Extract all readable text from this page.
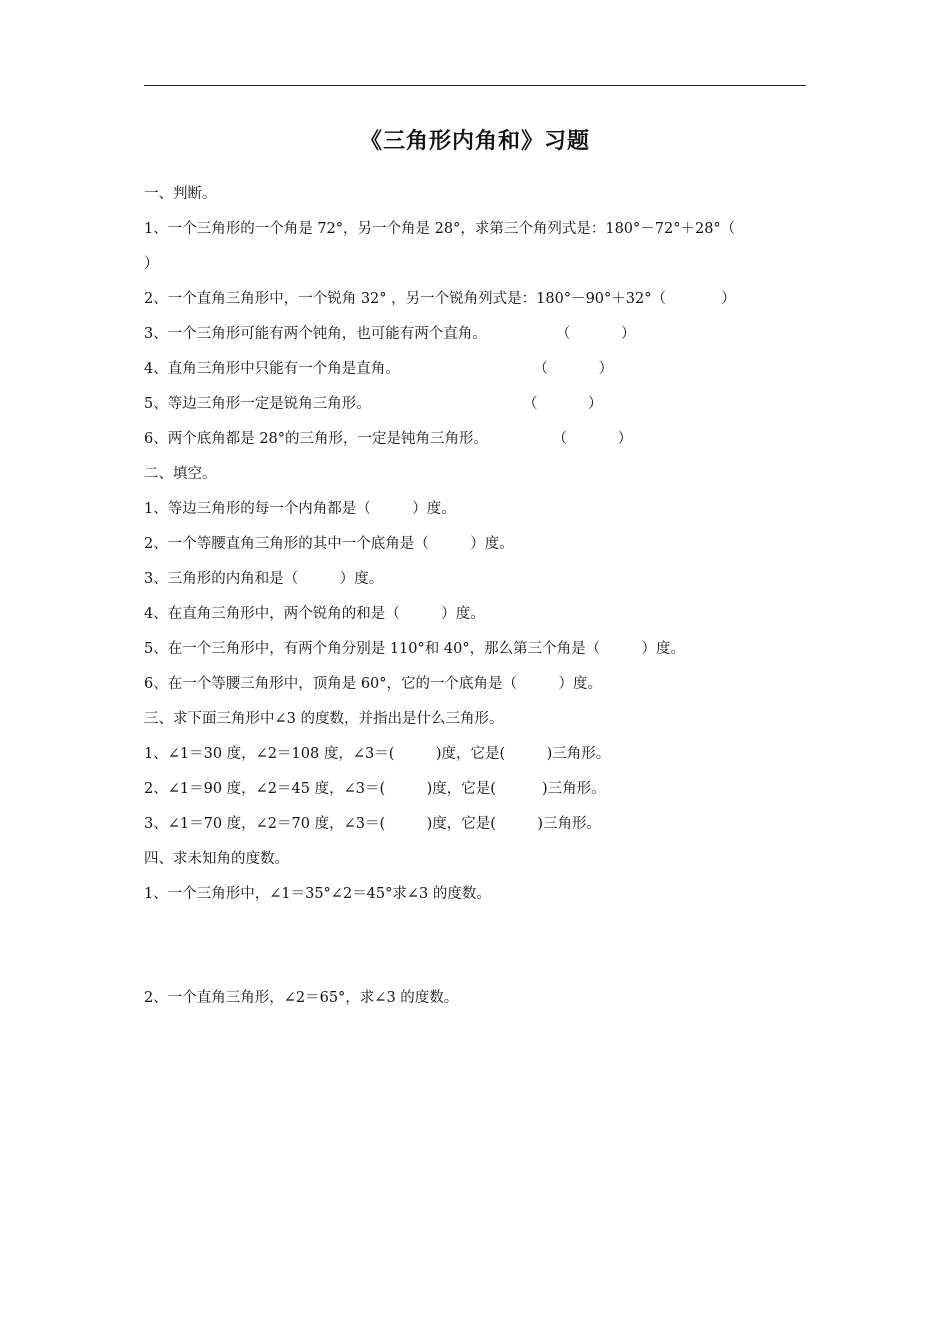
《三角形内角和》习题
一、判断。
1、一个三角形的一个角是 72°，另一个角是 28°，求第三个角列式是：180°－72°＋28°（
）
2、一个直角三角形中，一个锐角 32° ，另一个锐角列式是：180°－90°＋32°（            ）
3、一个三角形可能有两个钝角，也可能有两个直角。               （           ）
4、直角三角形中只能有一个角是直角。                             （           ）
5、等边三角形一定是锐角三角形。                                 （           ）
6、两个底角都是 28°的三角形，一定是钝角三角形。              （           ）
二、填空。
1、等边三角形的每一个内角都是（         ）度。
2、一个等腰直角三角形的其中一个底角是（         ）度。
3、三角形的内角和是（         ）度。
4、在直角三角形中，两个锐角的和是（         ）度。
5、在一个三角形中，有两个角分别是 110°和 40°，那么第三个角是（         ）度。
6、在一个等腰三角形中，顶角是 60°，它的一个底角是（         ）度。
三、求下面三角形中∠3 的度数，并指出是什么三角形。
1、∠1＝30 度，∠2＝108 度，∠3＝(         )度，它是(         )三角形。
2、∠1＝90 度，∠2＝45 度，∠3＝(         )度，它是(          )三角形。
3、∠1＝70 度，∠2＝70 度，∠3＝(         )度，它是(         )三角形。
四、求未知角的度数。
1、一个三角形中，∠1＝35°∠2＝45°求∠3 的度数。
2、一个直角三角形，∠2＝65°，求∠3 的度数。
